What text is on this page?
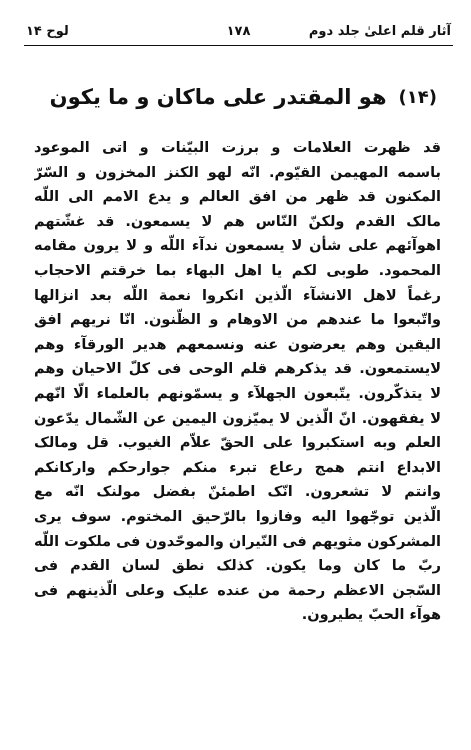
آثار قلم اعلیٰ جلد دوم
۱۷۸
لوح ۱۴
(۱۴)
هو المقتدر علی ماکان و ما یکون
قد ظهرت العلامات و برزت البیّنات و اتی الموعود
باسمه المهیمن القیّوم. انّه لهو الکنز المخزون و السّرّ
المکنون قد ظهر من افق العالم و یدع الامم الی اللّه
مالک القدم ولکنّ النّاس هم لا یسمعون. قد غشّتهم
اهوآئهم علی شأن لا یسمعون ندآء اللّه و لا یرون مقامه
المحمود. طوبی لکم یا اهل البهاء بما خرقتم الاحجاب
رغماً لاهل الانشآء الّذین انکروا نعمة اللّه بعد انزالها
واتّبعوا ما عندهم من الاوهام و الظّنون. انّا نریهم افق
الیقین وهم یعرضون عنه ونسمعهم هدیر الورقآء وهم
لایستمعون. قد یذکرهم قلم الوحی فی کلّ الاحیان وهم
لا یتذکّرون. یتّبعون الجهلآء و یسمّونهم بالعلماء الّا انّهم
لا یفقهون. انّ الّذین لا یمیّزون الیمین عن الشّمال یدّعون
العلم وبه استکبروا علی الحقّ علاّم الغیوب. قل ومالک
الابداع انتم همج رعاع تبرء منکم جوارحکم وارکانکم
وانتم لا تشعرون. انّک اطمئنّ بفضل مولنک انّه مع
الّذین توجّهوا الیه وفازوا بالرّحیق المختوم. سوف یری
المشرکون مثویهم فی النّیران والموحّدون فی ملکوت اللّه
ربّ ما کان وما یکون. کذلک نطق لسان القدم فی
السّجن الاعظم رحمة من عنده علیک وعلی الّذینهم فی
هوآء الحبّ یطیرون.
